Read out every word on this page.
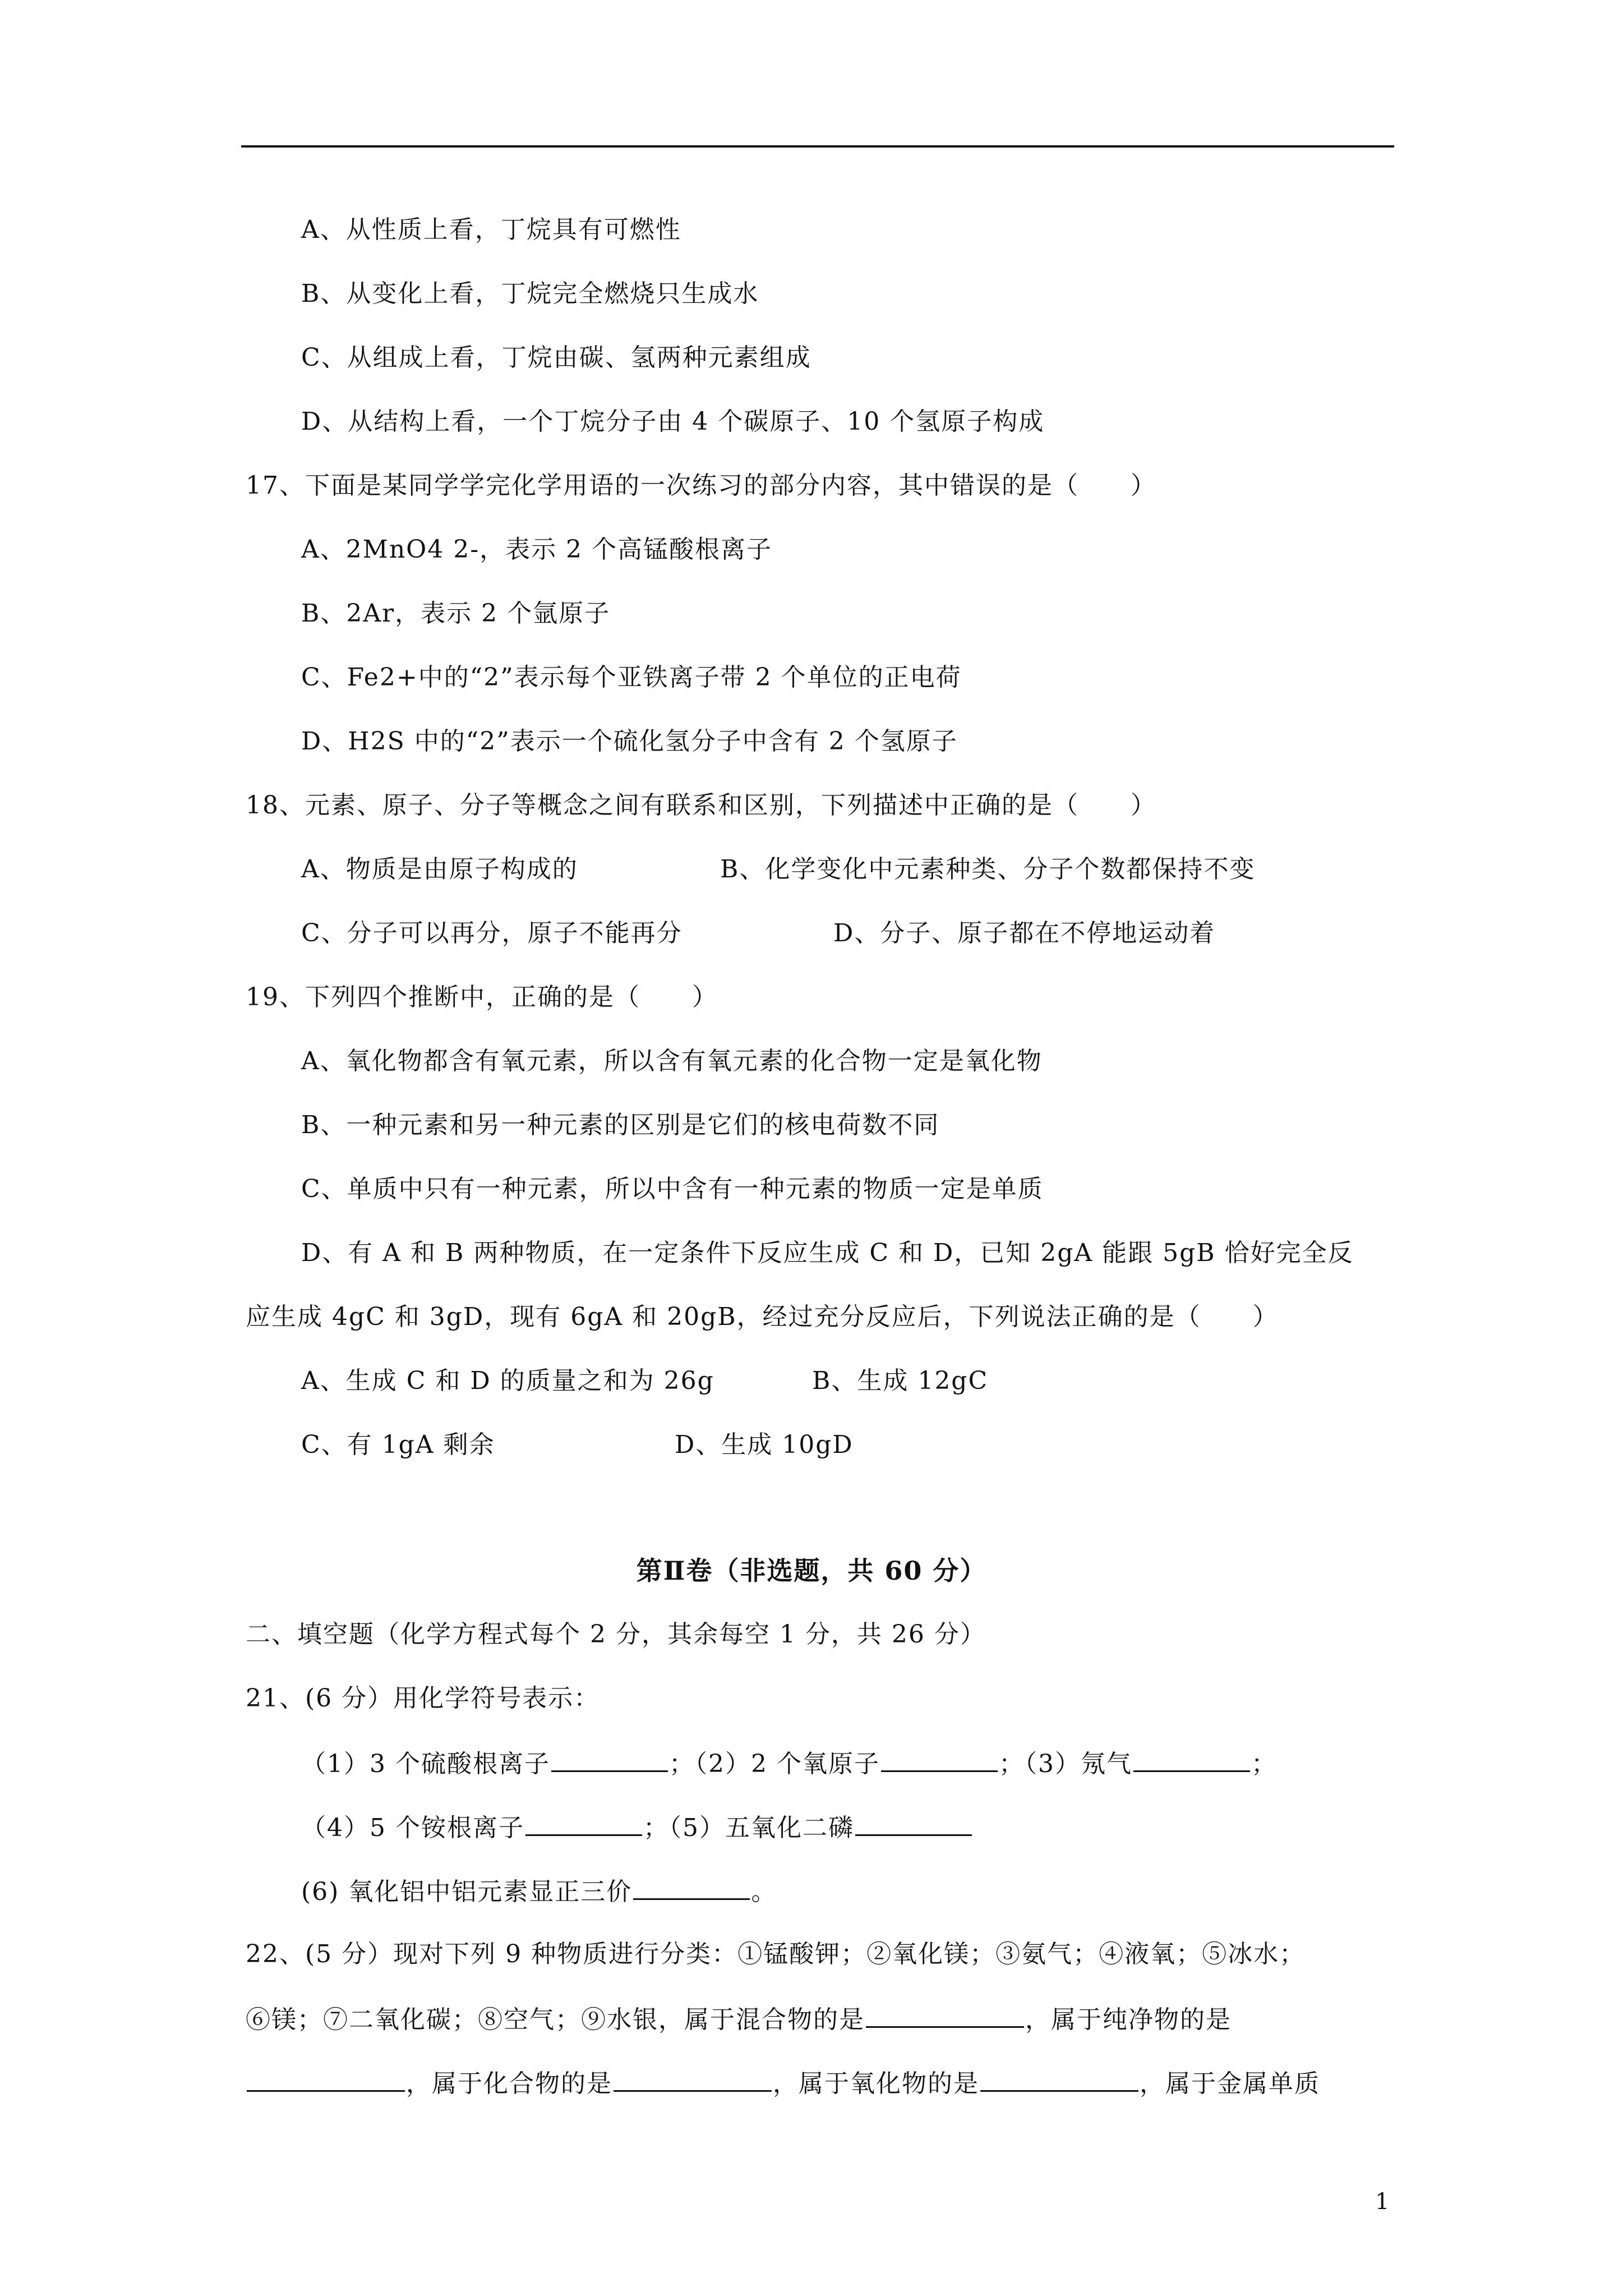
A、从性质上看，丁烷具有可燃性
B、从变化上看，丁烷完全燃烧只生成水
C、从组成上看，丁烷由碳、氢两种元素组成
D、从结构上看，一个丁烷分子由 4 个碳原子、10 个氢原子构成
17、下面是某同学学完化学用语的一次练习的部分内容，其中错误的是（　　）
A、2MnO4 2-，表示 2 个高锰酸根离子
B、2Ar，表示 2 个氩原子
C、Fe2+中的“2”表示每个亚铁离子带 2 个单位的正电荷
D、H2S 中的“2”表示一个硫化氢分子中含有 2 个氢原子
18、元素、原子、分子等概念之间有联系和区别，下列描述中正确的是（　　）
A、物质是由原子构成的	B、化学变化中元素种类、分子个数都保持不变
C、分子可以再分，原子不能再分	D、分子、原子都在不停地运动着
19、下列四个推断中，正确的是（　　）
A、氧化物都含有氧元素，所以含有氧元素的化合物一定是氧化物
B、一种元素和另一种元素的区别是它们的核电荷数不同
C、单质中只有一种元素，所以中含有一种元素的物质一定是单质
D、有 A 和 B 两种物质，在一定条件下反应生成 C 和 D，已知 2gA 能跟 5gB 恰好完全反
应生成 4gC 和 3gD，现有 6gA 和 20gB，经过充分反应后，下列说法正确的是（　　）
A、生成 C 和 D 的质量之和为 26g	B、生成 12gC
C、有 1gA 剩余	D、生成 10gD
第Ⅱ卷（非选题，共 60 分）
二、填空题（化学方程式每个 2 分，其余每空 1 分，共 26 分）
21、(6 分）用化学符号表示：
（1）3 个硫酸根离子	；（2）2 个氧原子	；（3）氖气	；
（4）5 个铵根离子	；（5）五氧化二磷
(6) 氧化铝中铝元素显正三价	。
22、(5 分）现对下列 9 种物质进行分类：①锰酸钾；②氧化镁；③氨气；④液氧；⑤冰水；
⑥镁；⑦二氧化碳；⑧空气；⑨水银，属于混合物的是	，属于纯净物的是
，属于化合物的是	，属于氧化物的是	，属于金属单质
1
